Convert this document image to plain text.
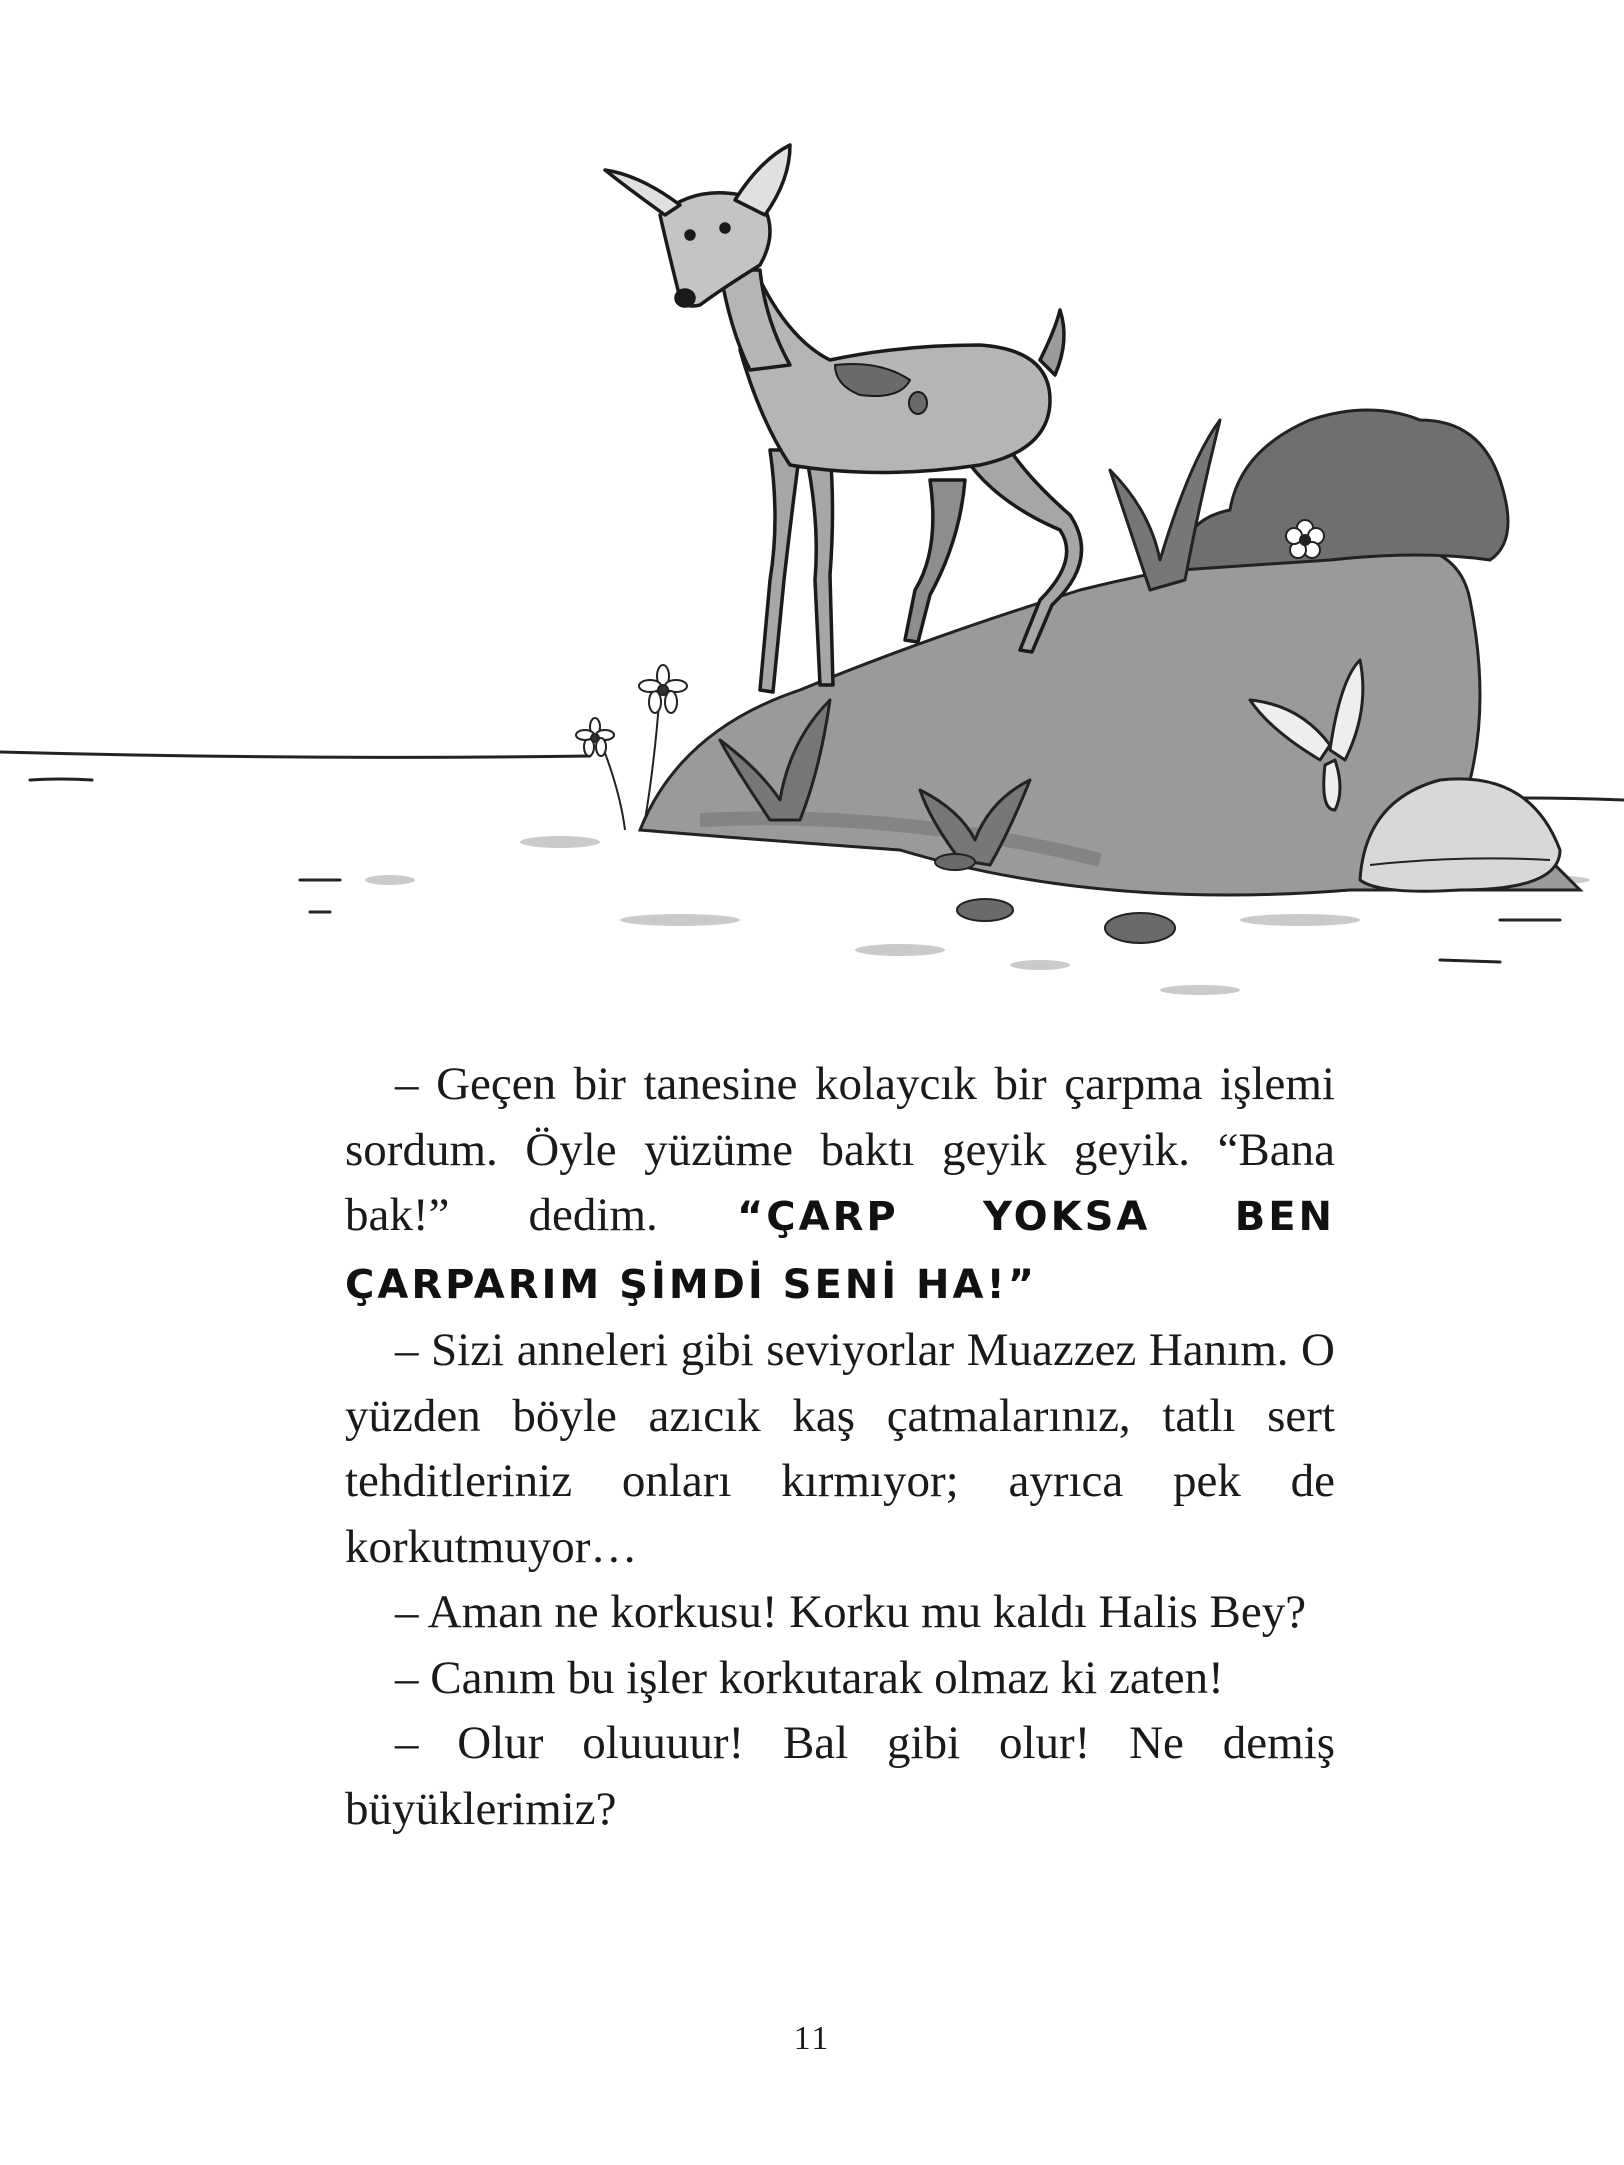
– Geçen bir tanesine kolaycık bir çarpma işlemi sordum. Öyle yüzüme baktı geyik geyik. “Bana bak!” dedim. “ÇARP YOKSA BEN ÇARPARIM ŞİMDİ SENİ HA!”

– Sizi anneleri gibi seviyorlar Muazzez Hanım. O yüzden böyle azıcık kaş çatmalarınız, tatlı sert tehditleriniz onları kırmıyor; ayrıca pek de korkutmuyor…

– Aman ne korkusu! Korku mu kaldı Halis Bey?

– Canım bu işler korkutarak olmaz ki zaten!

– Olur oluuuur! Bal gibi olur! Ne demiş büyüklerimiz?

11
